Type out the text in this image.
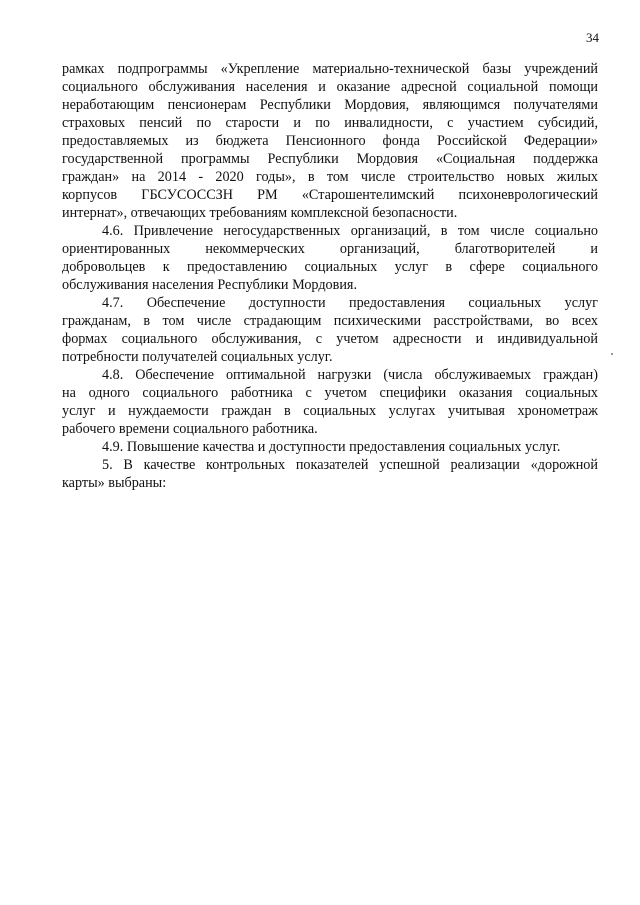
34
рамках подпрограммы «Укрепление материально-технической базы учреждений
социального обслуживания населения и оказание адресной социальной помощи
неработающим пенсионерам Республики Мордовия, являющимся получателями
страховых пенсий по старости и по инвалидности, с участием субсидий,
предоставляемых из бюджета Пенсионного фонда Российской Федерации»
государственной программы Республики Мордовия «Социальная поддержка
граждан» на 2014 - 2020 годы», в том числе строительство новых жилых
корпусов ГБСУСОССЗН РМ «Старошентелимский психоневрологический
интернат», отвечающих требованиям комплексной безопасности.
4.6. Привлечение негосударственных организаций, в том числе социально
ориентированных некоммерческих организаций, благотворителей и
добровольцев к предоставлению социальных услуг в сфере социального
обслуживания населения Республики Мордовия.
4.7. Обеспечение доступности предоставления социальных услуг
гражданам, в том числе страдающим психическими расстройствами, во всех
формах социального обслуживания, с учетом адресности и индивидуальной
потребности получателей социальных услуг.
4.8. Обеспечение оптимальной нагрузки (числа обслуживаемых граждан)
на одного социального работника с учетом специфики оказания социальных
услуг и нуждаемости граждан в социальных услугах учитывая хронометраж
рабочего времени социального работника.
4.9. Повышение качества и доступности предоставления социальных услуг.
5. В качестве контрольных показателей успешной реализации «дорожной
карты» выбраны:
